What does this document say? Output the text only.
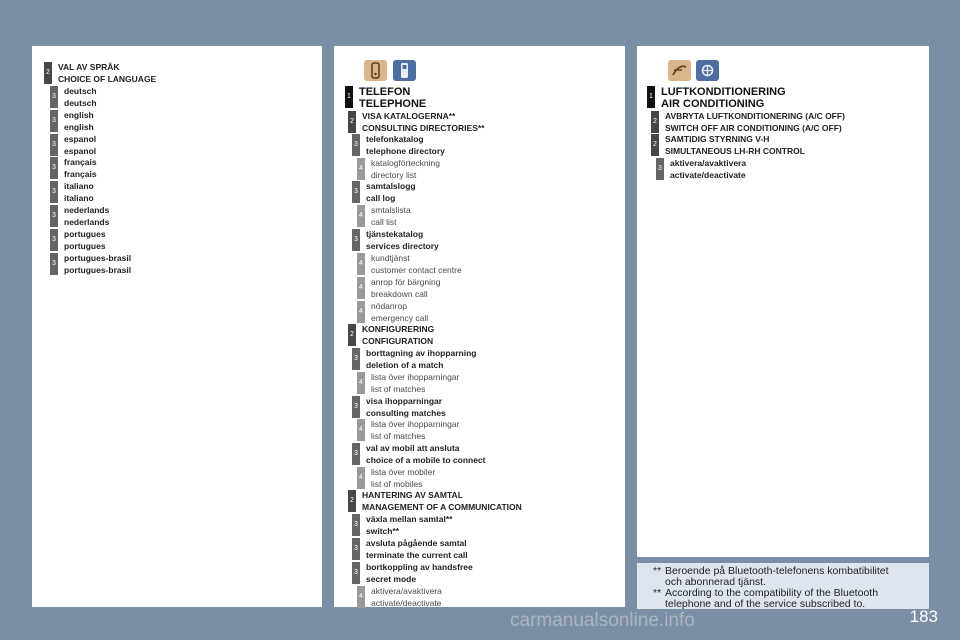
2
VAL AV SPRÅK
CHOICE OF LANGUAGE
3
deutsch
deutsch
3
english
english
3
espanol
espanol
3
français
français
3
italiano
italiano
3
nederlands
nederlands
3
portugues
portugues
3
portugues-brasil
portugues-brasil
1 TELEFON
TELEPHONE
2
VISA KATALOGERNA**
CONSULTING DIRECTORIES**
3
telefonkatalog
telephone directory
4
katalogförteckning
directory list
3
samtalslogg
call log
4
smtalslista
call list
3
tjänstekatalog
services directory
4
kundtjänst
customer contact centre
4
anrop för bärgning
breakdown call
4
nödanrop
emergency call
2
KONFIGURERING
CONFIGURATION
3
borttagning av ihopparning
deletion of a match
4
lista över ihopparningar
list of matches
3
visa ihopparningar
consulting matches
4
lista över ihopparningar
list of matches
3
val av mobil att ansluta
choice of a mobile to connect
4
lista över mobiler
list of mobiles
2
HANTERING AV SAMTAL
MANAGEMENT OF A COMMUNICATION
3
växla mellan samtal**
switch**
3
avsluta pågående samtal
terminate the current call
3
bortkoppling av handsfree
secret mode
4
aktivera/avaktivera
activate/deactivate
1 LUFTKONDITIONERING
AIR CONDITIONING
2
AVBRYTA LUFTKONDITIONERING (A/C OFF)
SWITCH OFF AIR CONDITIONING (A/C OFF)
2
SAMTIDIG STYRNING V-H
SIMULTANEOUS LH-RH CONTROL
3
aktivera/avaktivera
activate/deactivate
** Beroende på Bluetooth-telefonens kombatibilitet
och abonnerad tjänst.
** According to the compatibility of the Bluetooth
telephone and of the service subscribed to.
carmanualsonline.info	183
